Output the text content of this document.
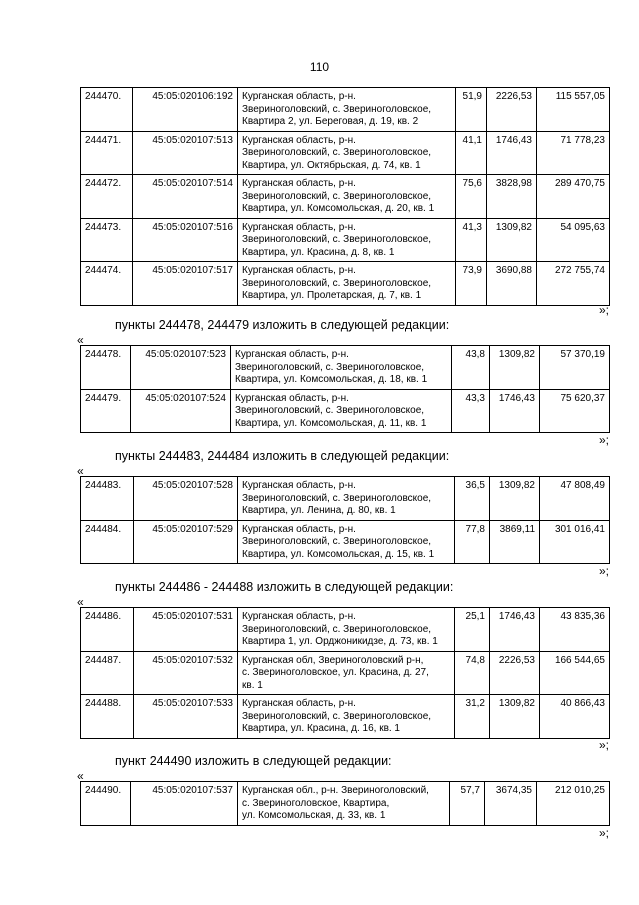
110
244470.	45:05:020106:192	Курганская область, р-н.
Звериноголовский, с. Звериноголовское,
Квартира 2, ул. Береговая, д. 19, кв. 2	51,9	2226,53	115 557,05
244471.	45:05:020107:513	Курганская область, р-н.
Звериноголовский, с. Звериноголовское,
Квартира, ул. Октябрьская, д. 74, кв. 1	41,1	1746,43	71 778,23
244472.	45:05:020107:514	Курганская область, р-н.
Звериноголовский, с. Звериноголовское,
Квартира, ул. Комсомольская, д. 20, кв. 1	75,6	3828,98	289 470,75
244473.	45:05:020107:516	Курганская область, р-н.
Звериноголовский, с. Звериноголовское,
Квартира, ул. Красина, д. 8, кв. 1	41,3	1309,82	54 095,63
244474.	45:05:020107:517	Курганская область, р-н.
Звериноголовский, с. Звериноголовское,
Квартира, ул. Пролетарская, д. 7, кв. 1	73,9	3690,88	272 755,74
»;
пункты 244478, 244479 изложить в следующей редакции:
«
244478.	45:05:020107:523	Курганская область, р-н.
Звериноголовский, с. Звериноголовское,
Квартира, ул. Комсомольская, д. 18, кв. 1	43,8	1309,82	57 370,19
244479.	45:05:020107:524	Курганская область, р-н.
Звериноголовский, с. Звериноголовское,
Квартира, ул. Комсомольская, д. 11, кв. 1	43,3	1746,43	75 620,37
»;
пункты 244483, 244484 изложить в следующей редакции:
«
244483.	45:05:020107:528	Курганская область, р-н.
Звериноголовский, с. Звериноголовское,
Квартира, ул. Ленина, д. 80, кв. 1	36,5	1309,82	47 808,49
244484.	45:05:020107:529	Курганская область, р-н.
Звериноголовский, с. Звериноголовское,
Квартира, ул. Комсомольская, д. 15, кв. 1	77,8	3869,11	301 016,41
»;
пункты 244486 - 244488 изложить в следующей редакции:
«
244486.	45:05:020107:531	Курганская область, р-н.
Звериноголовский, с. Звериноголовское,
Квартира 1, ул. Орджоникидзе, д. 73, кв. 1	25,1	1746,43	43 835,36
244487.	45:05:020107:532	Курганская обл, Звериноголовский р-н,
с. Звериноголовское, ул. Красина, д. 27,
кв. 1	74,8	2226,53	166 544,65
244488.	45:05:020107:533	Курганская область, р-н.
Звериноголовский, с. Звериноголовское,
Квартира, ул. Красина, д. 16, кв. 1	31,2	1309,82	40 866,43
»;
пункт 244490 изложить в следующей редакции:
«
244490.	45:05:020107:537	Курганская обл., р-н. Звериноголовский,
с. Звериноголовское, Квартира,
ул. Комсомольская, д. 33, кв. 1
	57,7	3674,35	212 010,25
»;
